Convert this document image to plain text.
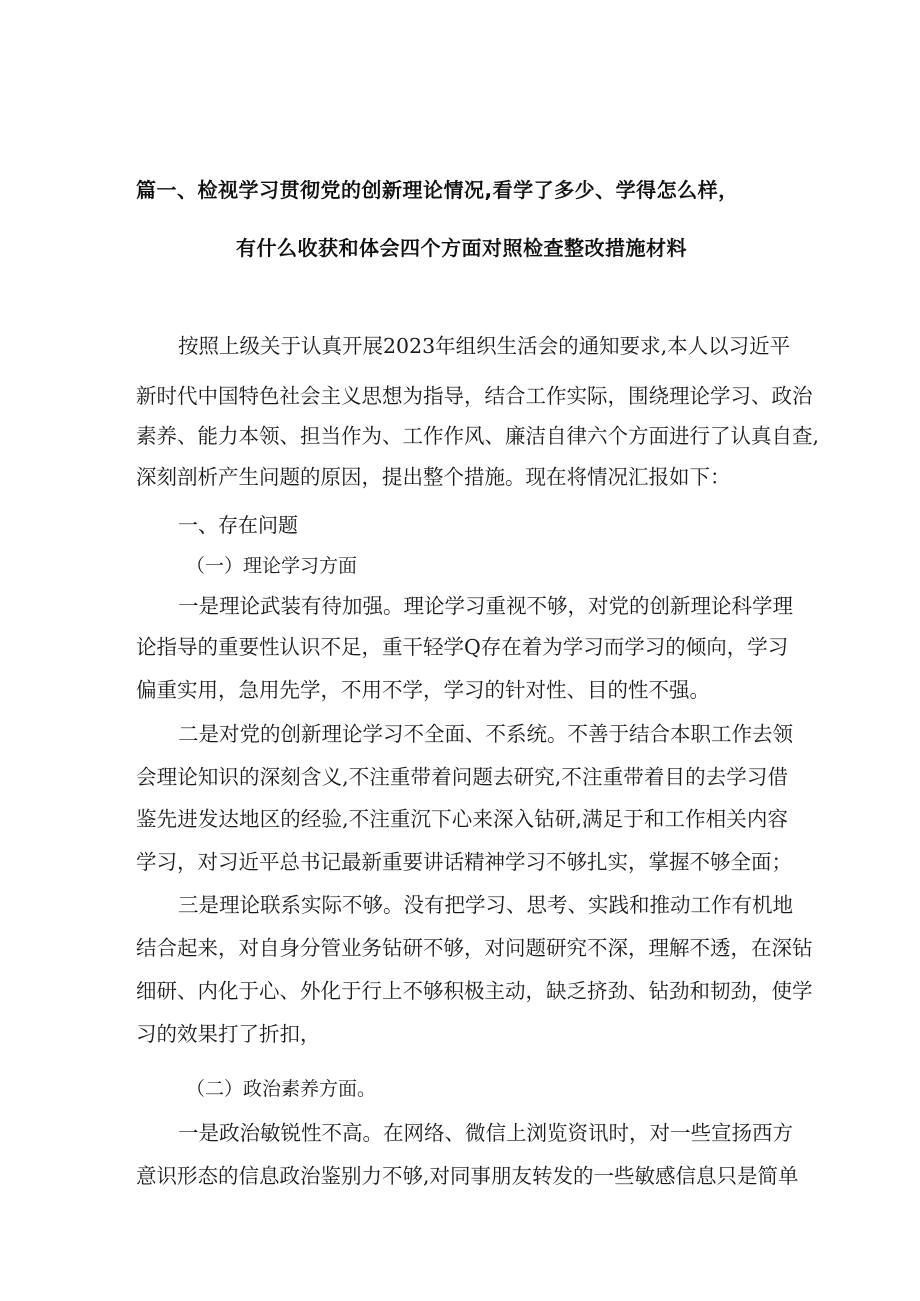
篇一、检视学习贯彻党的创新理论情况,看学了多少、学得怎么样，
有什么收获和体会四个方面对照检查整改措施材料
按照上级关于认真开展2023年组织生活会的通知要求,本人以习近平
新时代中国特色社会主义思想为指导，结合工作实际，围绕理论学习、政治
素养、能力本领、担当作为、工作作风、廉洁自律六个方面进行了认真自查,
深刻剖析产生问题的原因，提出整个措施。现在将情况汇报如下：
一、存在问题
（一）理论学习方面
一是理论武装有待加强。理论学习重视不够，对党的创新理论科学理
论指导的重要性认识不足，重干轻学Q存在着为学习而学习的倾向，学习
偏重实用，急用先学，不用不学，学习的针对性、目的性不强。
二是对党的创新理论学习不全面、不系统。不善于结合本职工作去领
会理论知识的深刻含义,不注重带着问题去研究,不注重带着目的去学习借
鉴先进发达地区的经验,不注重沉下心来深入钻研,满足于和工作相关内容
学习，对习近平总书记最新重要讲话精神学习不够扎实，掌握不够全面；
三是理论联系实际不够。没有把学习、思考、实践和推动工作有机地
结合起来，对自身分管业务钻研不够，对问题研究不深，理解不透，在深钻
细研、内化于心、外化于行上不够积极主动，缺乏挤劲、钻劲和韧劲，使学
习的效果打了折扣，
（二）政治素养方面。
一是政治敏锐性不高。在网络、微信上浏览资讯时，对一些宣扬西方
意识形态的信息政治鉴别力不够,对同事朋友转发的一些敏感信息只是简单
